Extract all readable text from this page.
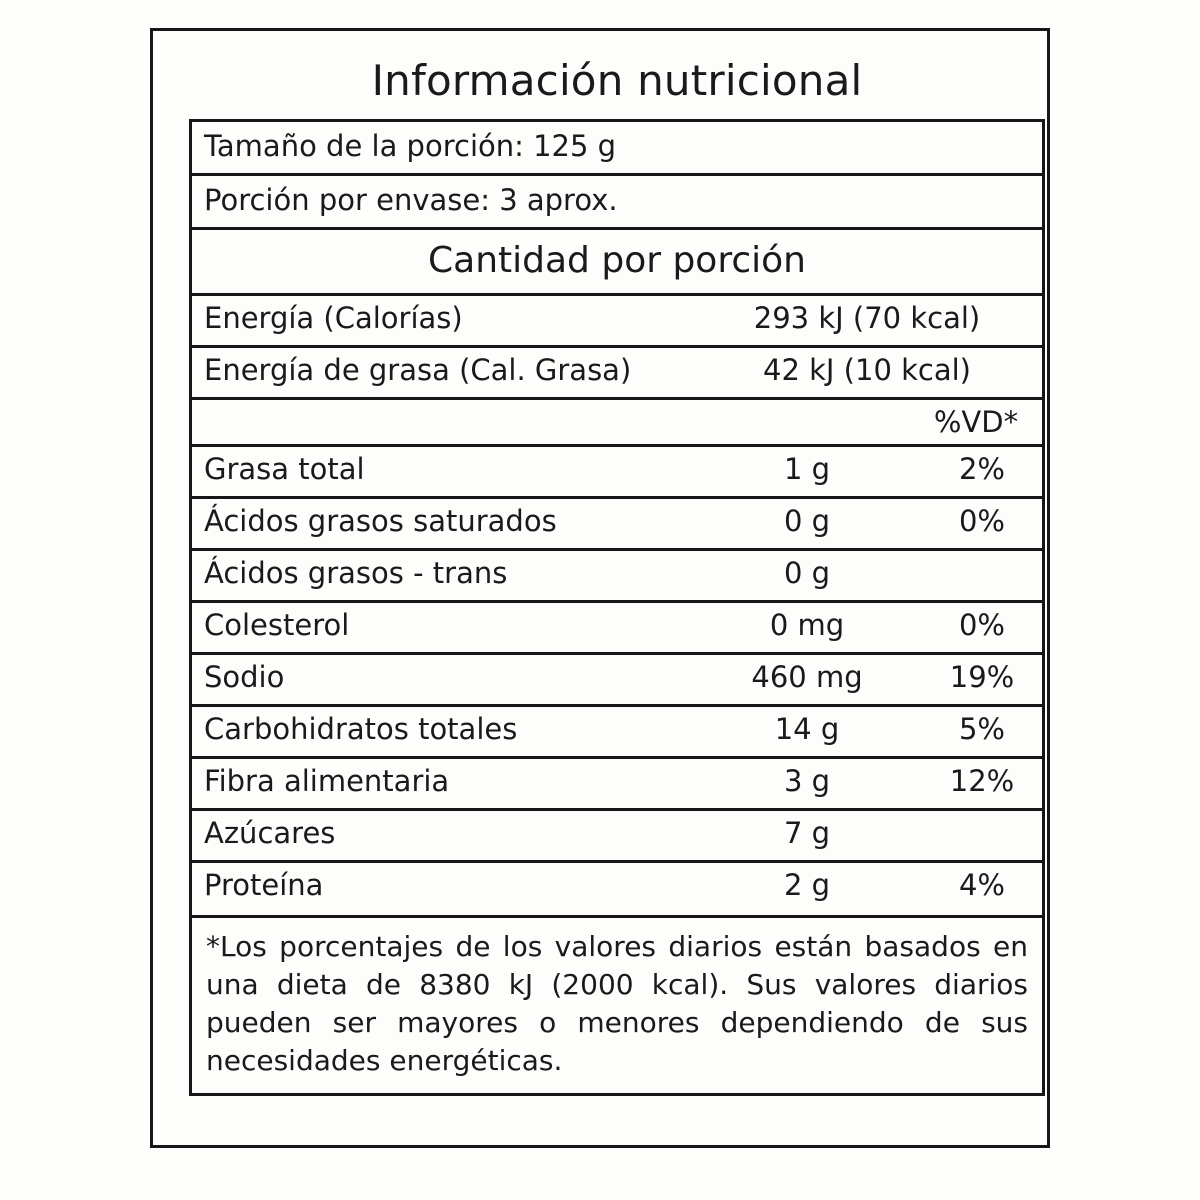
Información nutricional
Tamaño de la porción: 125 g
Porción por envase: 3 aprox.
Cantidad por porción
Energía (Calorías)	293 kJ (70 kcal)
Energía de grasa (Cal. Grasa)	42 kJ (10 kcal)
%VD*
Grasa total	1 g	2%
Ácidos grasos saturados	0 g	0%
Ácidos grasos - trans	0 g
Colesterol	0 mg	0%
Sodio	460 mg	19%
Carbohidratos totales	14 g	5%
Fibra alimentaria	3 g	12%
Azúcares	7 g
Proteína	2 g	4%
*Los porcentajes de los valores diarios están basados en una dieta de 8380 kJ (2000 kcal). Sus valores diarios pueden ser mayores o menores dependiendo de sus necesidades energéticas.
